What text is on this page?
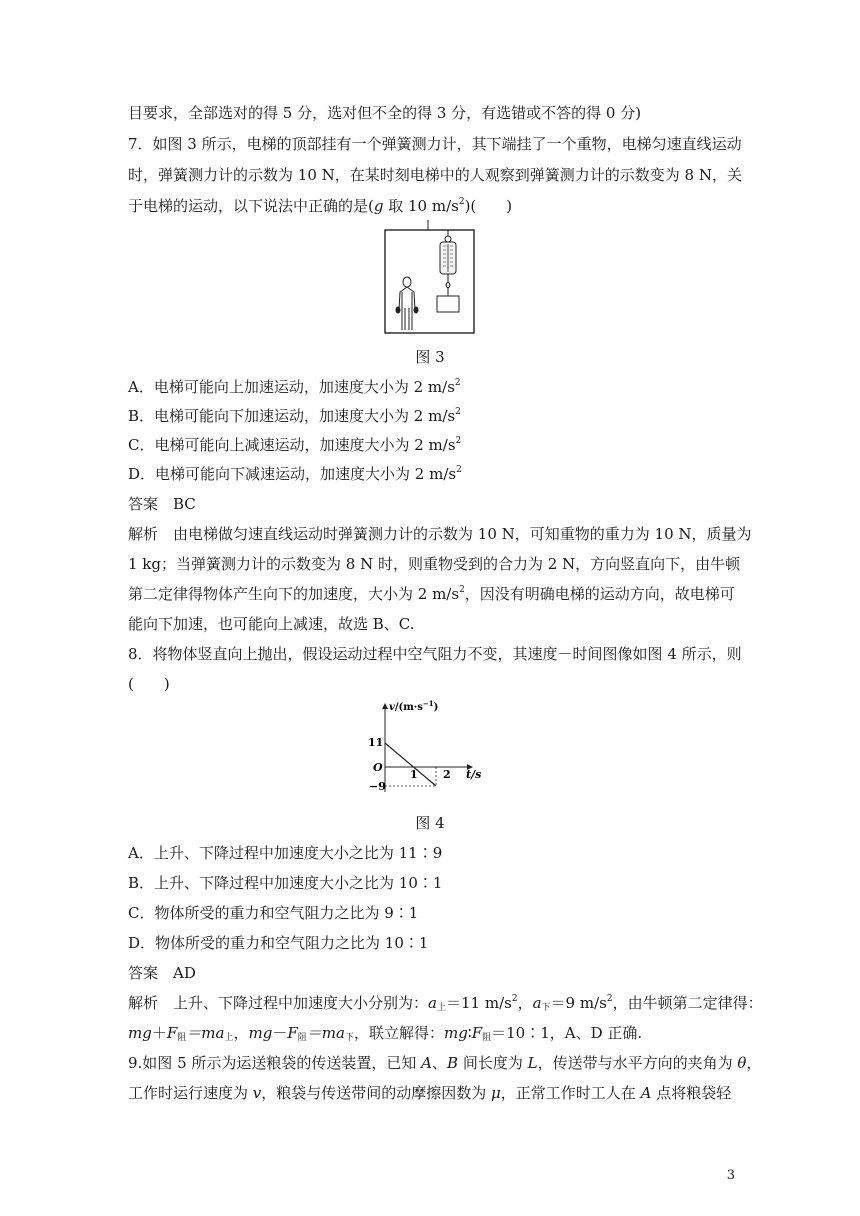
目要求，全部选对的得 5 分，选对但不全的得 3 分，有选错或不答的得 0 分)
7．如图 3 所示，电梯的顶部挂有一个弹簧测力计，其下端挂了一个重物，电梯匀速直线运动
时，弹簧测力计的示数为 10 N，在某时刻电梯中的人观察到弹簧测力计的示数变为 8 N，关
于电梯的运动，以下说法中正确的是(g 取 10 $m/s^2$)(　　)
图 3
A．电梯可能向上加速运动，加速度大小为 2 $m/s^2$
B．电梯可能向下加速运动，加速度大小为 2 $m/s^2$
C．电梯可能向上减速运动，加速度大小为 2 $m/s^2$
D．电梯可能向下减速运动，加速度大小为 2 $m/s^2$
答案　BC
解析　由电梯做匀速直线运动时弹簧测力计的示数为 10 N，可知重物的重力为 10 N，质量为
1 kg；当弹簧测力计的示数变为 8 N 时，则重物受到的合力为 2 N，方向竖直向下，由牛顿
第二定律得物体产生向下的加速度，大小为 2 $m/s^2$，因没有明确电梯的运动方向，故电梯可
能向下加速，也可能向上减速，故选 B、C.
8．将物体竖直向上抛出，假设运动过程中空气阻力不变，其速度－时间图像如图 4 所示，则
(　　)
$v/(m\cdot s^{-1})$
11
O
−9
1 2 t/s
图 4
A．上升、下降过程中加速度大小之比为 11∶9
B．上升、下降过程中加速度大小之比为 10∶1
C．物体所受的重力和空气阻力之比为 9∶1
D．物体所受的重力和空气阻力之比为 10∶1
答案　AD
解析　上升、下降过程中加速度大小分别为：$a_上=11$ $m/s^2$，$a_下=9$ $m/s^2$，由牛顿第二定律得：
$mg+F_阻=ma_上$，$mg-F_阻=ma_下$，联立解得：$mg∶F_阻=10∶1$，A、D 正确.
9.如图 5 所示为运送粮袋的传送装置，已知 A、B 间长度为 L，传送带与水平方向的夹角为 θ，
工作时运行速度为 v，粮袋与传送带间的动摩擦因数为 μ，正常工作时工人在 A 点将粮袋轻
3
